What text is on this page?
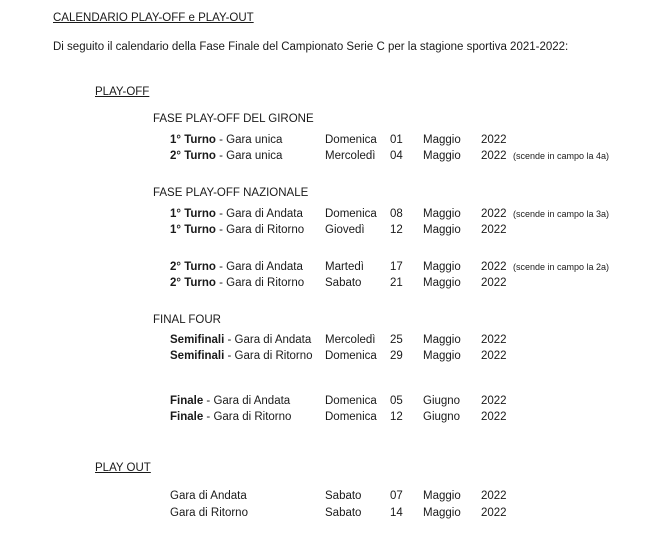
CALENDARIO PLAY-OFF e PLAY-OUT
Di seguito il calendario della Fase Finale del Campionato Serie C per la stagione sportiva 2021-2022:
PLAY-OFF
FASE PLAY-OFF DEL GIRONE
FASE PLAY-OFF NAZIONALE
FINAL FOUR
PLAY OUT
1° Turno - Gara unica	Domenica 01 Maggio 2022
2° Turno - Gara unica	Mercoledì 04 Maggio 2022 (scende in campo la 4a)
1° Turno - Gara di Andata Domenica 08 Maggio 2022 (scende in campo la 3a)
1° Turno - Gara di Ritorno Giovedì 12 Maggio 2022
2° Turno - Gara di Andata Martedì 17 Maggio 2022 (scende in campo la 2a)
2° Turno - Gara di Ritorno Sabato 21 Maggio 2022
Semifinali - Gara di Andata Mercoledì 25 Maggio 2022
Semifinali - Gara di Ritorno Domenica 29 Maggio 2022
Finale - Gara di Andata	Domenica 05 Giugno 2022
Finale - Gara di Ritorno	Domenica 12 Giugno 2022
Gara di Andata	Sabato 07 Maggio 2022
Gara di Ritorno	Sabato 14 Maggio 2022
